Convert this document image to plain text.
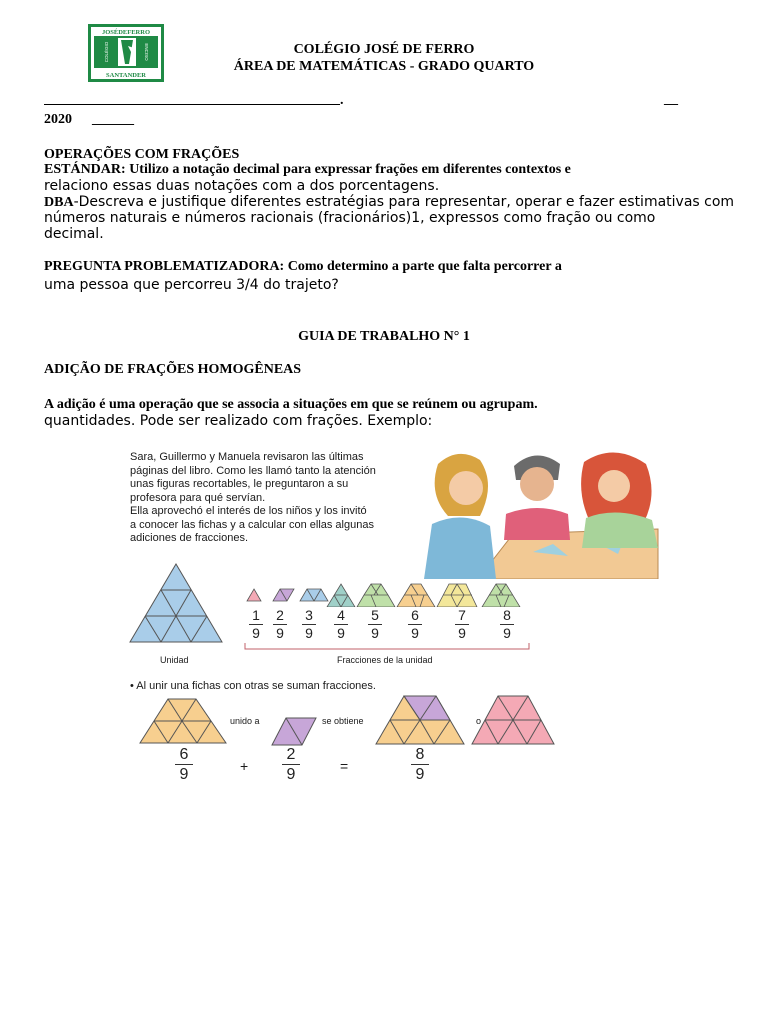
JOSÉDEFERRO
SANTANDER
COLÉGIO	ENCISO	COLÉGIO JOSÉ DE FERRO
ÁREA DE MATEMÁTICAS - GRADO QUARTO
.	__
2020 ______
OPERAÇÕES COM FRAÇÕES
ESTÁNDAR: Utilizo a notação decimal para expressar frações em diferentes contextos e
relaciono essas duas notações com a dos porcentagens.
DBA-Descreva e justifique diferentes estratégias para representar, operar e fazer estimativas com
números naturais e números racionais (fracionários)1, expressos como fração ou como
decimal.
PREGUNTA PROBLEMATIZADORA: Como determino a parte que falta percorrer a
uma pessoa que percorreu 3/4 do trajeto?
GUIA DE TRABALHO N° 1
ADIÇÃO DE FRAÇÕES HOMOGÊNEAS
A adição é uma operação que se associa a situações em que se reúnem ou agrupam.
quantidades. Pode ser realizado com frações. Exemplo:
Sara, Guillermo y Manuela revisaron las últimas
páginas del libro. Como les llamó tanto la atención
unas figuras recortables, le preguntaron a su
profesora para qué servían.
Ella aprovechó el interés de los niños y los invitó
a conocer las fichas y a calcular con ellas algunas
adiciones de fracciones.
Unidad
1
9
2
9
3
9
4
9
5
9
6
9
7
9
8
9
Fracciones de la unidad
• Al unir una fichas con otras se suman fracciones.
unido a	se obtiene	o
6
9	+
2
9	=
8
9
